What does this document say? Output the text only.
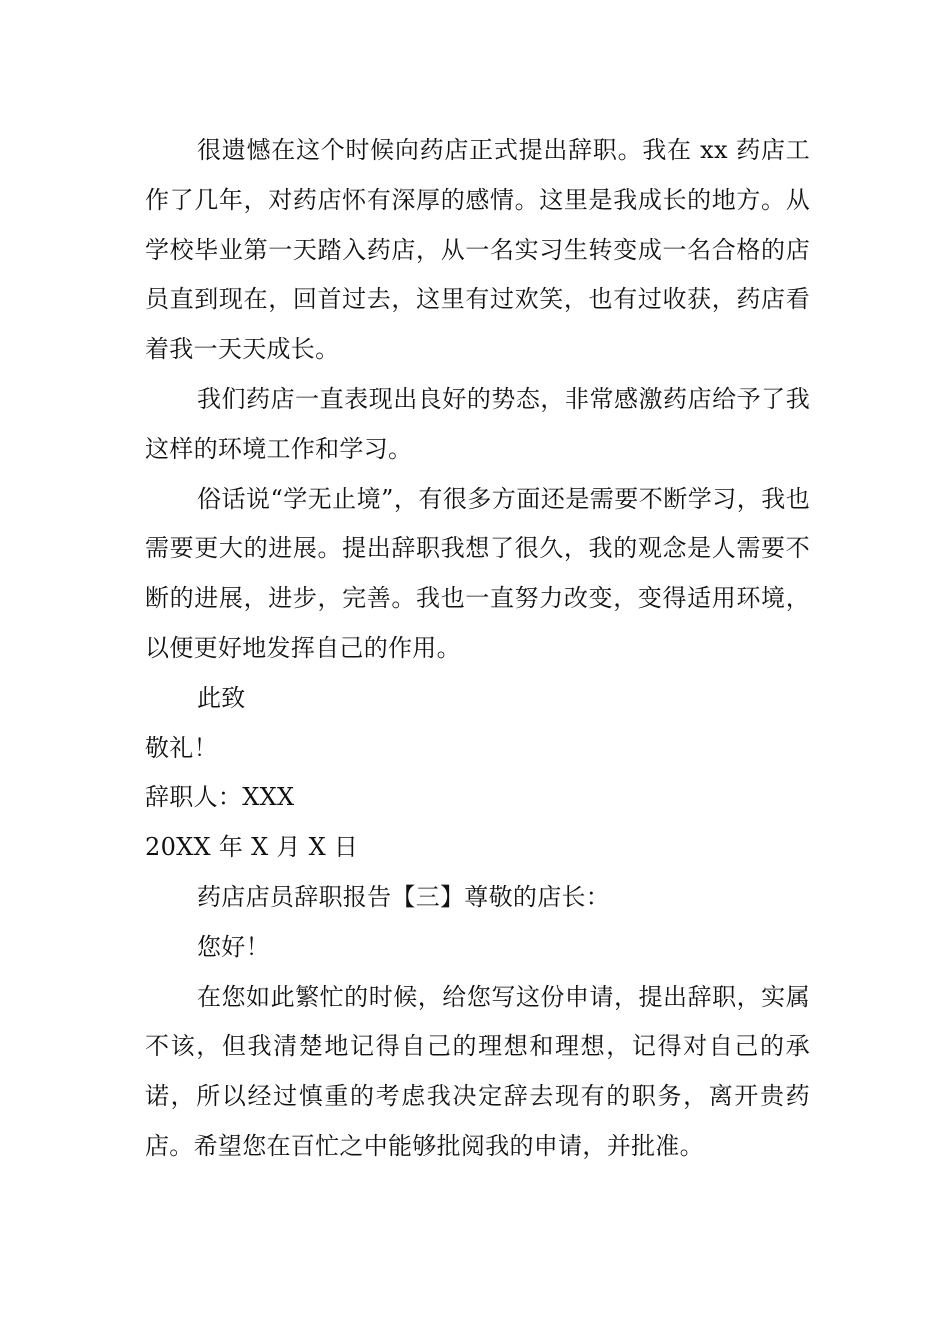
很遗憾在这个时候向药店正式提出辞职。我在 xx 药店工作了几年，对药店怀有深厚的感情。这里是我成长的地方。从学校毕业第一天踏入药店，从一名实习生转变成一名合格的店员直到现在，回首过去，这里有过欢笑，也有过收获，药店看着我一天天成长。

我们药店一直表现出良好的势态，非常感激药店给予了我这样的环境工作和学习。

俗话说“学无止境”，有很多方面还是需要不断学习，我也需要更大的进展。提出辞职我想了很久，我的观念是人需要不断的进展，进步，完善。我也一直努力改变，变得适用环境，以便更好地发挥自己的作用。

此致

敬礼！

辞职人：XXX

20XX 年 X 月 X 日

药店店员辞职报告【三】尊敬的店长：

您好！

在您如此繁忙的时候，给您写这份申请，提出辞职，实属不该，但我清楚地记得自己的理想和理想，记得对自己的承诺，所以经过慎重的考虑我决定辞去现有的职务，离开贵药店。希望您在百忙之中能够批阅我的申请，并批准。
